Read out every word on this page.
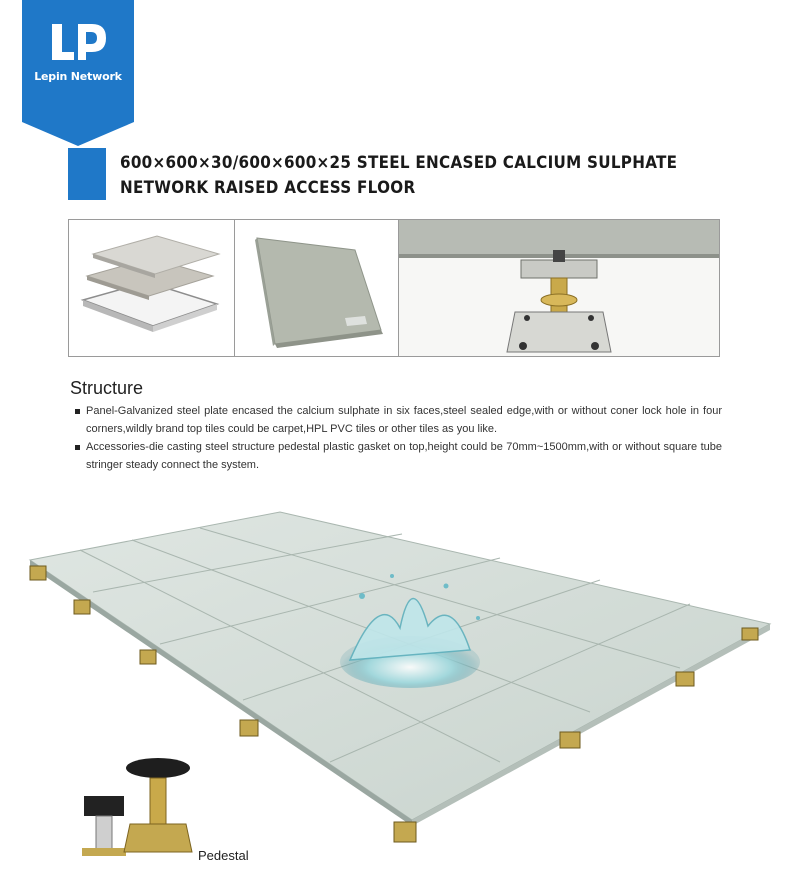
Lepin Network
600×600×30/600×600×25 STEEL ENCASED CALCIUM SULPHATE
NETWORK RAISED ACCESS FLOOR
Structure
Panel-Galvanized steel plate encased the calcium sulphate in six faces,steel sealed edge,with or without coner lock hole in four corners,wildly brand top tiles could be carpet,HPL PVC tiles or other tiles as you like.
Accessories-die casting steel structure pedestal plastic gasket on top,height could be 70mm~1500mm,with or without square tube stringer steady connect the system.
Pedestal
